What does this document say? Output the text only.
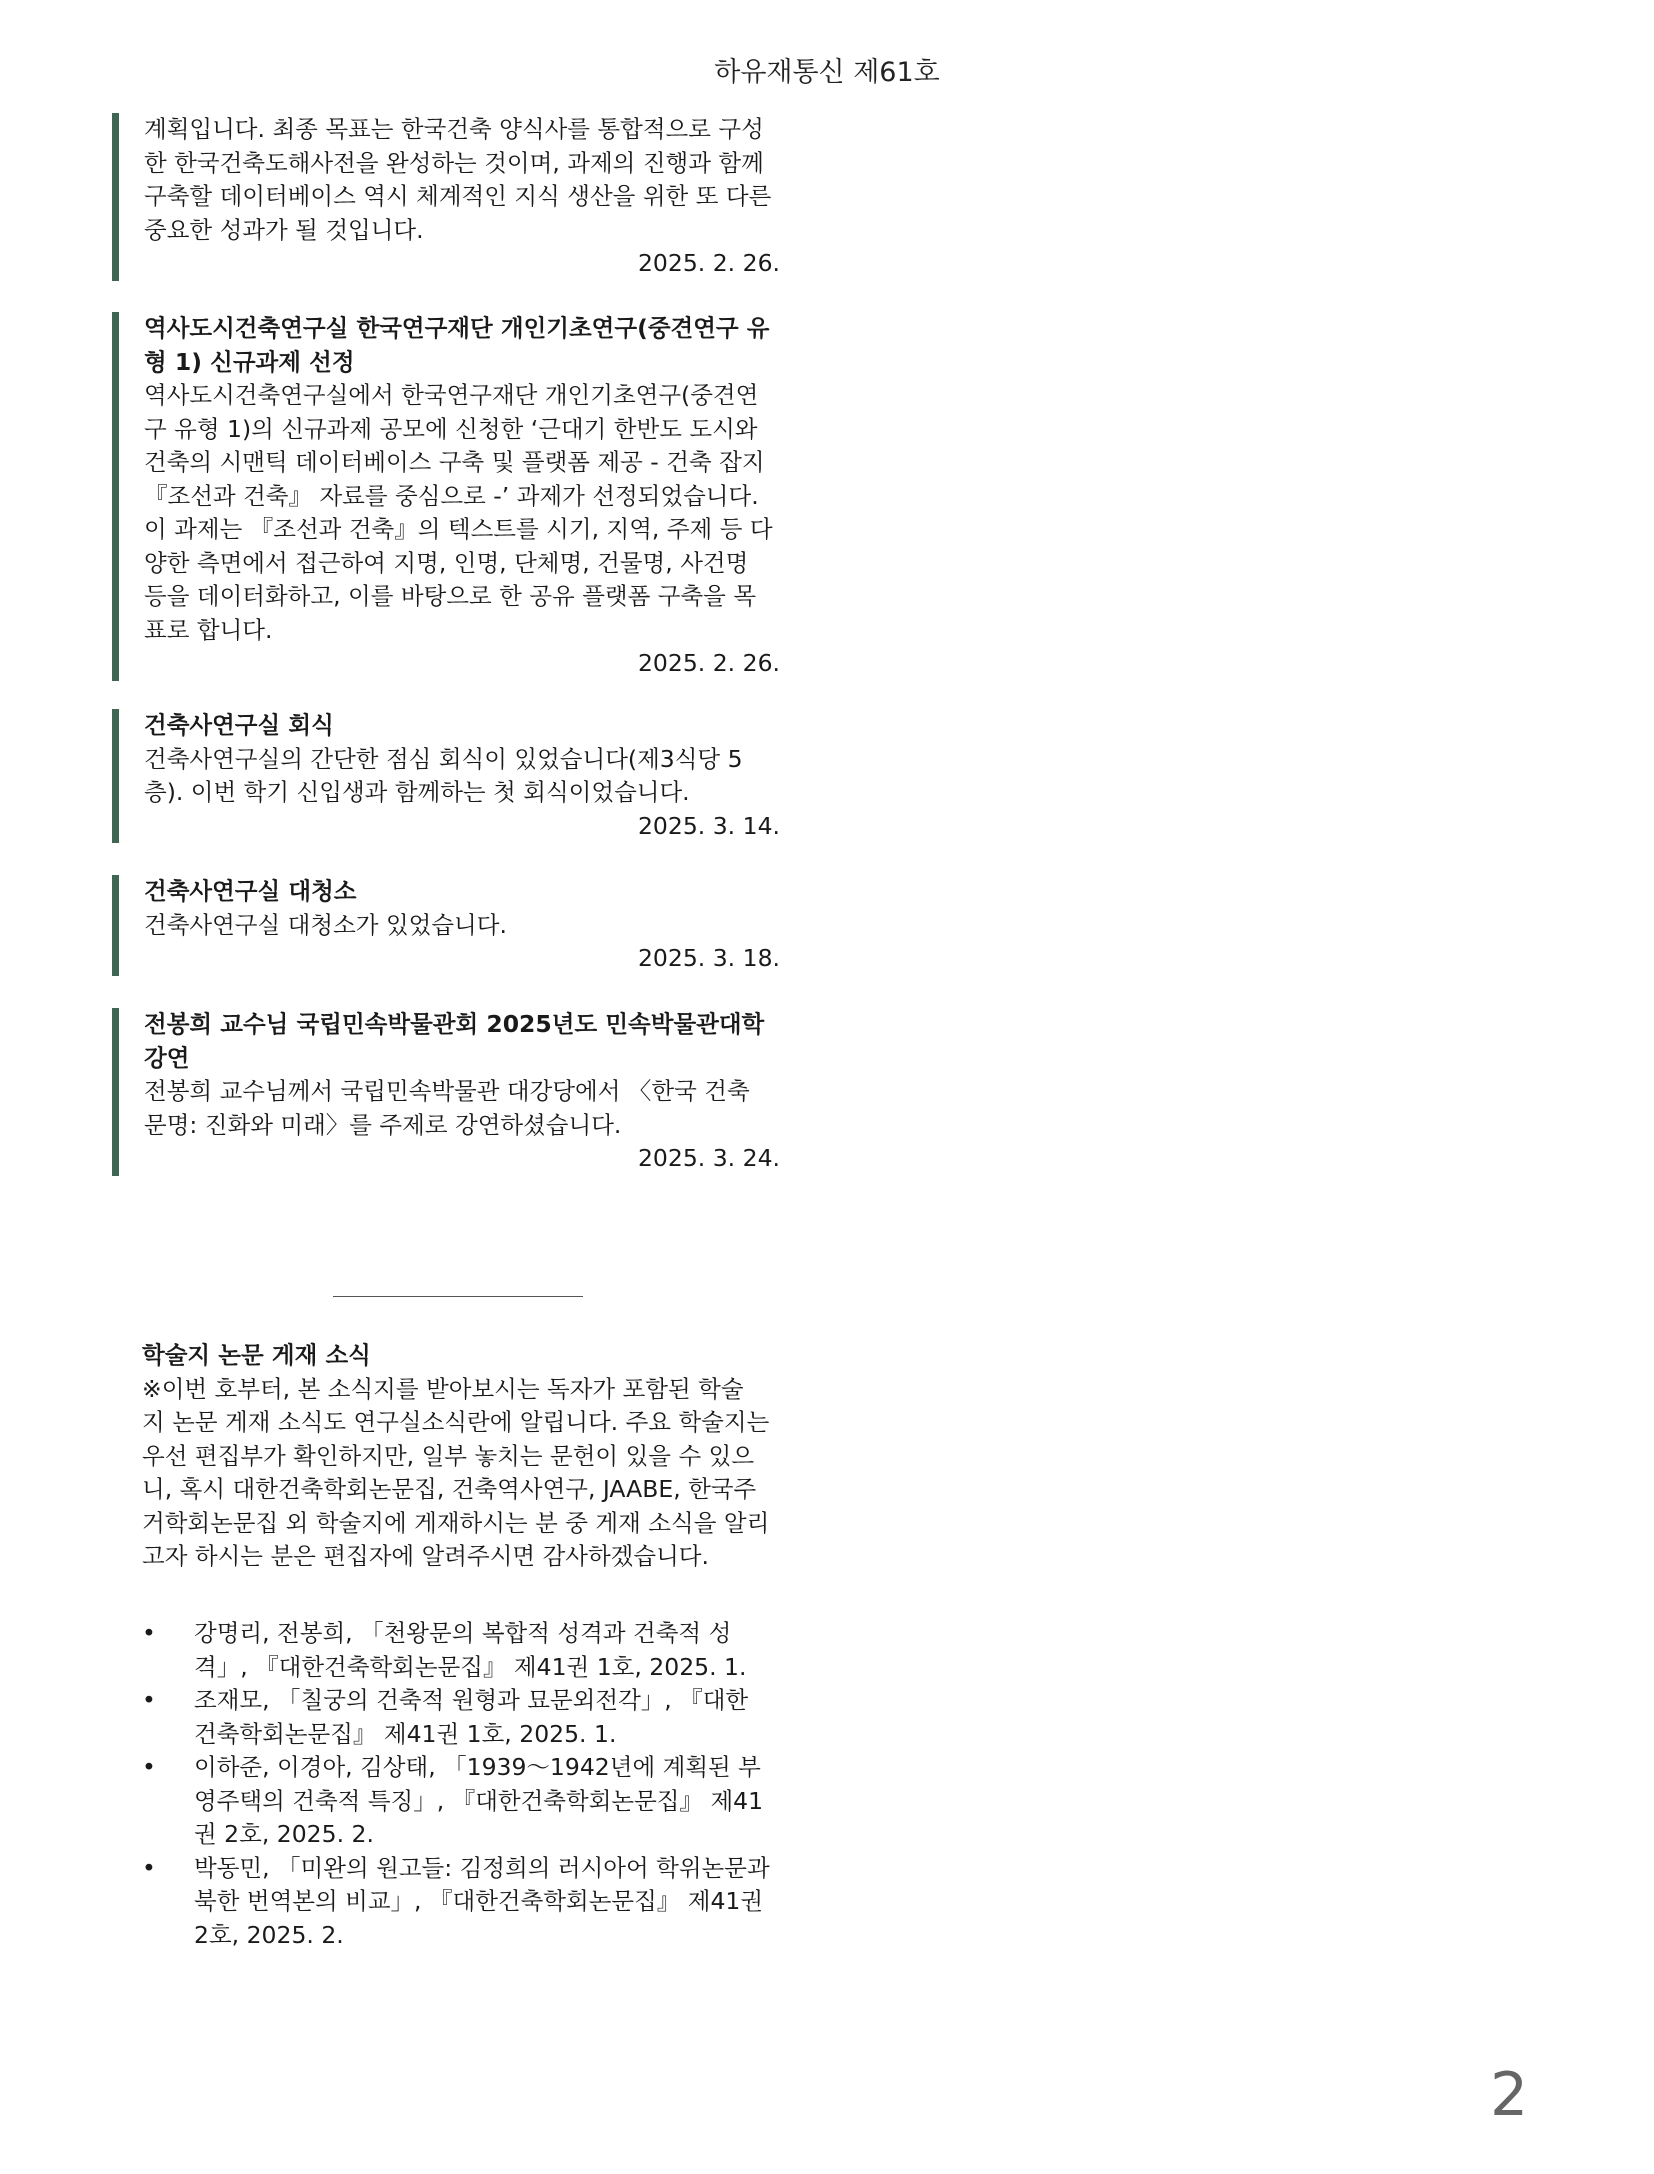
하유재통신 제61호
계획입니다. 최종 목표는 한국건축 양식사를 통합적으로 구성
한 한국건축도해사전을 완성하는 것이며, 과제의 진행과 함께
구축할 데이터베이스 역시 체계적인 지식 생산을 위한 또 다른
중요한 성과가 될 것입니다.
2025. 2. 26.
역사도시건축연구실 한국연구재단 개인기초연구(중견연구 유
형 1) 신규과제 선정
역사도시건축연구실에서 한국연구재단 개인기초연구(중견연
구 유형 1)의 신규과제 공모에 신청한 ‘근대기 한반도 도시와
건축의 시맨틱 데이터베이스 구축 및 플랫폼 제공 - 건축 잡지
『조선과 건축』 자료를 중심으로 -’ 과제가 선정되었습니다.
이 과제는 『조선과 건축』의 텍스트를 시기, 지역, 주제 등 다
양한 측면에서 접근하여 지명, 인명, 단체명, 건물명, 사건명
등을 데이터화하고, 이를 바탕으로 한 공유 플랫폼 구축을 목
표로 합니다.
2025. 2. 26.
건축사연구실 회식
건축사연구실의 간단한 점심 회식이 있었습니다(제3식당 5
층). 이번 학기 신입생과 함께하는 첫 회식이었습니다.
2025. 3. 14.
건축사연구실 대청소
건축사연구실 대청소가 있었습니다.
2025. 3. 18.
전봉희 교수님 국립민속박물관회 2025년도 민속박물관대학
강연
전봉희 교수님께서 국립민속박물관 대강당에서 〈한국 건축
문명: 진화와 미래〉를 주제로 강연하셨습니다.
2025. 3. 24.
학술지 논문 게재 소식
※이번 호부터, 본 소식지를 받아보시는 독자가 포함된 학술
지 논문 게재 소식도 연구실소식란에 알립니다. 주요 학술지는
우선 편집부가 확인하지만, 일부 놓치는 문헌이 있을 수 있으
니, 혹시 대한건축학회논문집, 건축역사연구, JAABE, 한국주
거학회논문집 외 학술지에 게재하시는 분 중 게재 소식을 알리
고자 하시는 분은 편집자에 알려주시면 감사하겠습니다.
• 강명리, 전봉희, 「천왕문의 복합적 성격과 건축적 성
격」, 『대한건축학회논문집』 제41권 1호, 2025. 1.
• 조재모, 「칠궁의 건축적 원형과 묘문외전각」, 『대한
건축학회논문집』 제41권 1호, 2025. 1.
• 이하준, 이경아, 김상태, 「1939～1942년에 계획된 부
영주택의 건축적 특징」, 『대한건축학회논문집』 제41
권 2호, 2025. 2.
• 박동민, 「미완의 원고들: 김정희의 러시아어 학위논문과
북한 번역본의 비교」, 『대한건축학회논문집』 제41권
2호, 2025. 2.
2
